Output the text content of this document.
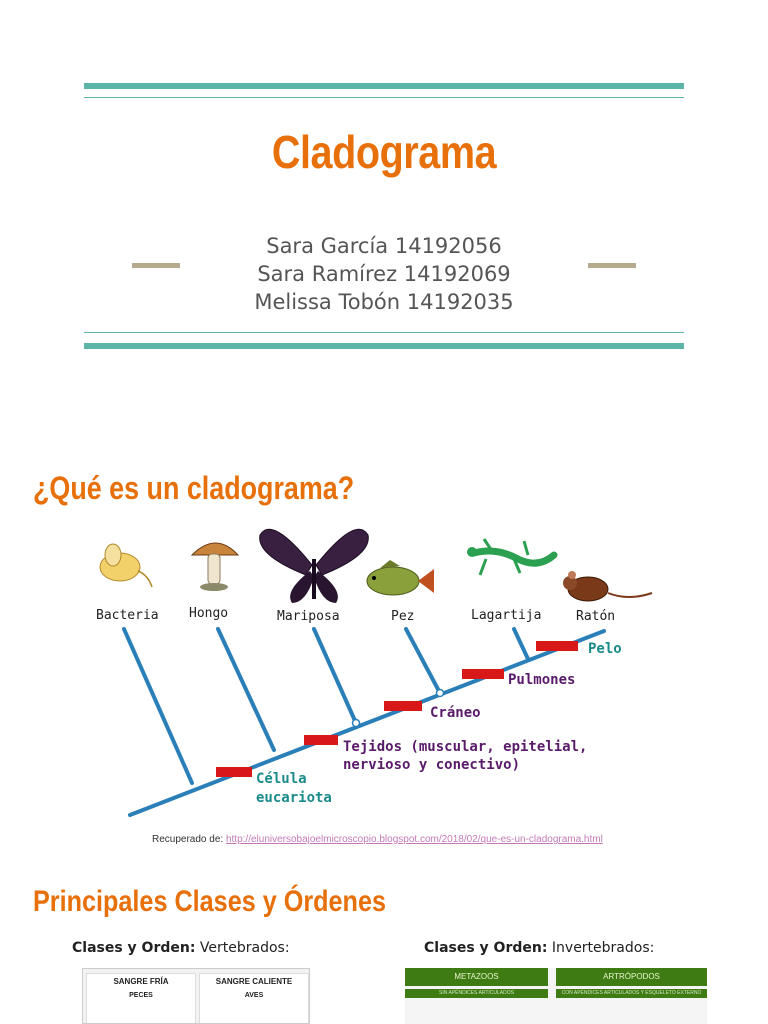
Cladograma
Sara García 14192056
Sara Ramírez 14192069
Melissa Tobón 14192035
¿Qué es un cladograma?
Bacteria Hongo	Mariposa	Pez	Lagartija	Ratón
Célula
eucariota
Tejidos (muscular, epitelial,
nervioso y conectivo)
Cráneo
Pulmones
Pelo
Recuperado de: http://eluniversobajoelmicroscopio.blogspot.com/2018/02/que-es-un-cladograma.html
Principales Clases y Órdenes
Clases y Orden: Vertebrados:	Clases y Orden: Invertebrados:
SANGRE FRÍA
PECES
SANGRE CALIENTE
AVES
METAZOOS	ARTRÓPODOS
SIN APÉNDICES ARTICULADOS	CON APÉNDICES ARTICULADOS Y ESQUELETO EXTERNO
